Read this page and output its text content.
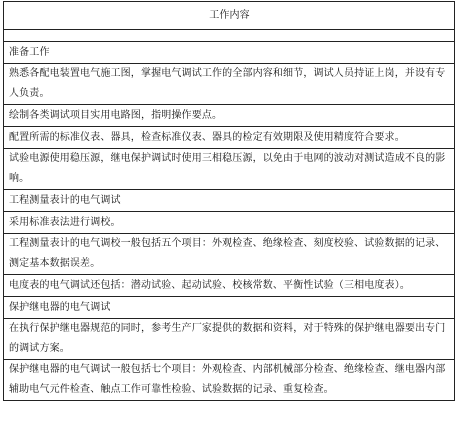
工作内容

准备工作
熟悉各配电装置电气施工图，掌握电气调试工作的全部内容和细节，调试人员持证上岗，并设有专人负责。
绘制各类调试项目实用电路图，指明操作要点。
配置所需的标准仪表、器具，检查标准仪表、器具的检定有效期限及使用精度符合要求。
试验电源使用稳压源，继电保护调试时使用三相稳压源，以免由于电网的波动对测试造成不良的影响。
工程测量表计的电气调试
采用标准表法进行调校。
工程测量表计的电气调校一般包括五个项目：外观检查、绝缘检查、刻度校验、试验数据的记录、测定基本数据误差。
电度表的电气调试还包括：潜动试验、起动试验、校核常数、平衡性试验（三相电度表）。
保护继电器的电气调试
在执行保护继电器规范的同时，参考生产厂家提供的数据和资料，对于特殊的保护继电器要出专门的调试方案。
保护继电器的电气调试一般包括七个项目：外观检查、内部机械部分检查、绝缘检查、继电器内部辅助电气元件检查、触点工作可靠性检验、试验数据的记录、重复检查。
